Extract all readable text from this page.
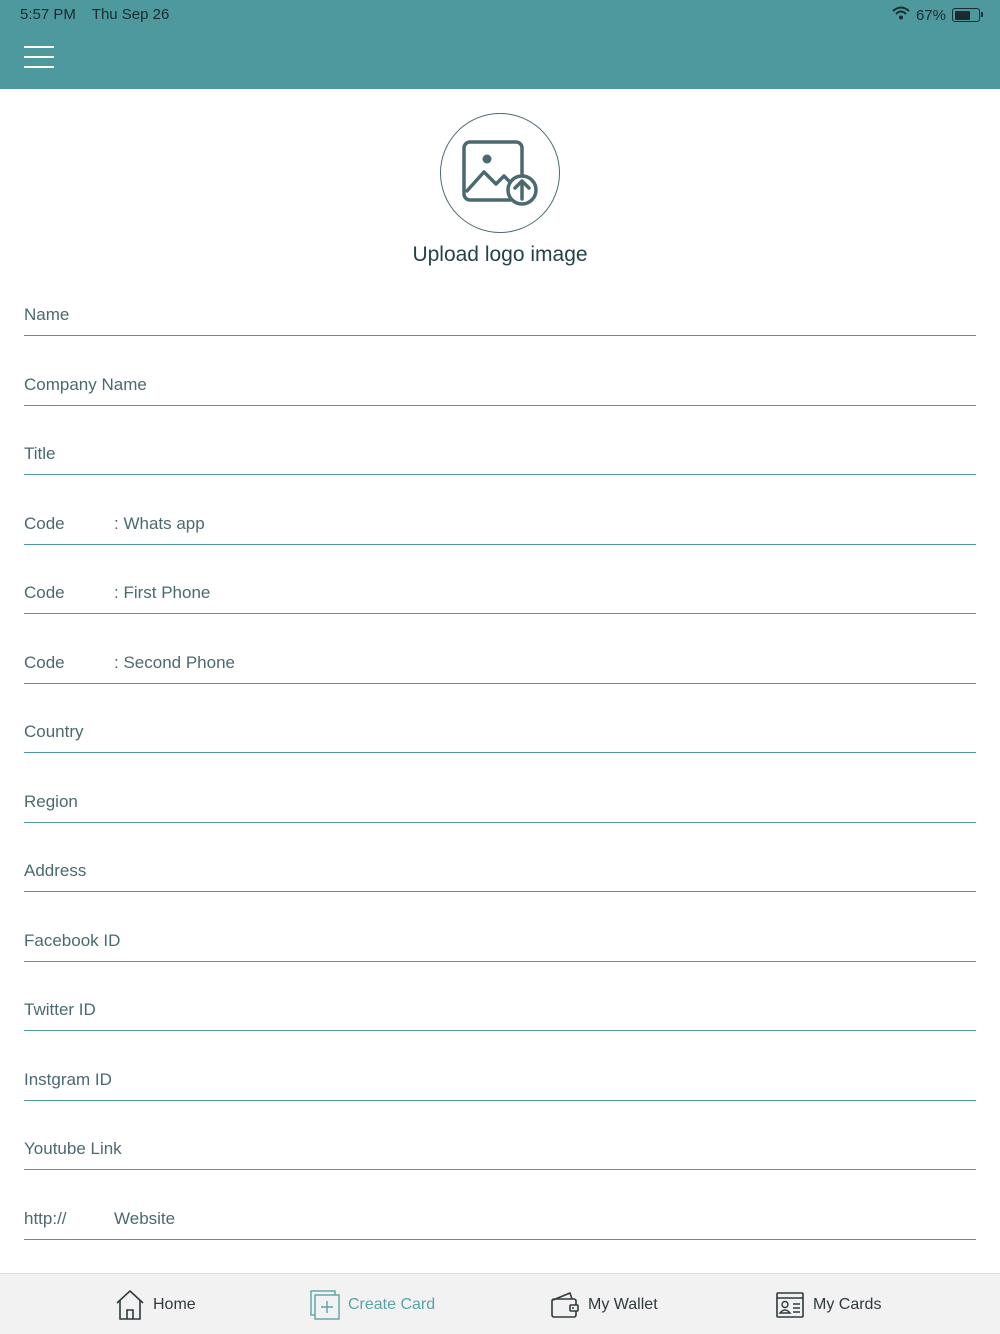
5:57 PM Thu Sep 26	67%
Upload logo image
Name
Company Name
Title
Code	: Whats app
Code	: First Phone
Code	: Second Phone
Country
Region
Address
Facebook ID
Twitter ID
Instgram ID
Youtube Link
http://	Website
Home	Create Card	My Wallet	My Cards
